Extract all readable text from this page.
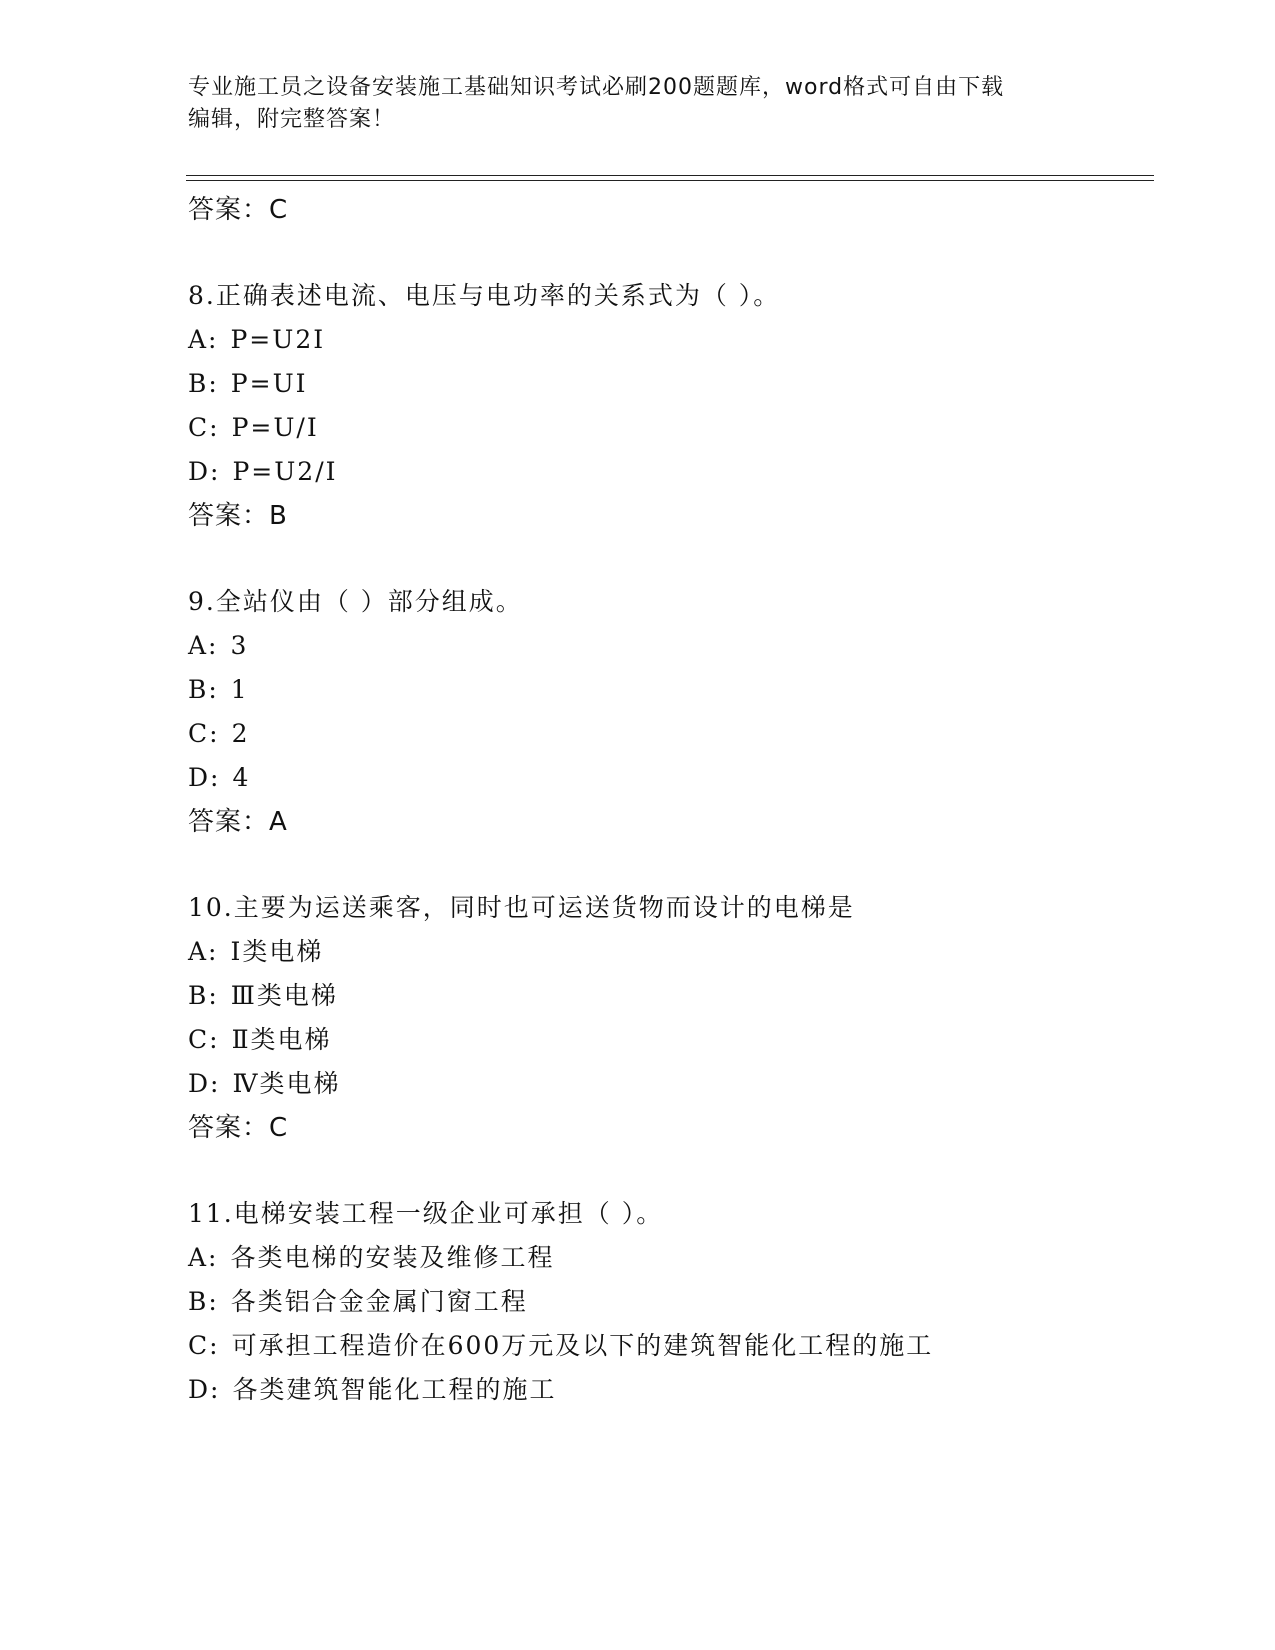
专业施工员之设备安装施工基础知识考试必刷200题题库，word格式可自由下载
编辑，附完整答案！
答案：C
8.正确表述电流、电压与电功率的关系式为（ ）。
A: P=U2I
B: P=UI
C: P=U/I
D: P=U2/I
答案：B
9.全站仪由（ ）部分组成。
A: 3
B: 1
C: 2
D: 4
答案：A
10.主要为运送乘客，同时也可运送货物而设计的电梯是
A: Ⅰ类电梯
B: Ⅲ类电梯
C: Ⅱ类电梯
D: Ⅳ类电梯
答案：C
11.电梯安装工程一级企业可承担（ ）。
A: 各类电梯的安装及维修工程
B: 各类铝合金金属门窗工程
C: 可承担工程造价在600万元及以下的建筑智能化工程的施工
D: 各类建筑智能化工程的施工
